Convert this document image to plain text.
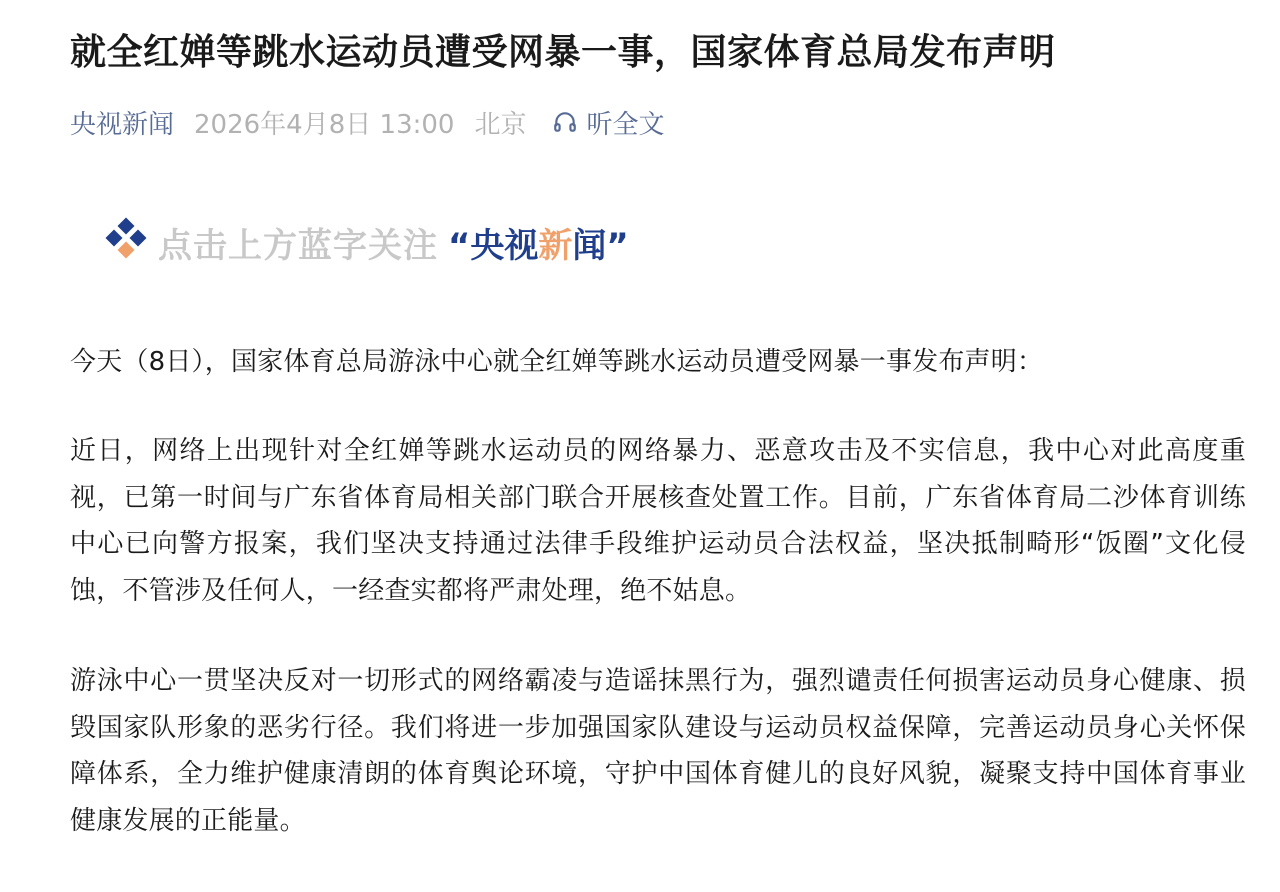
就全红婵等跳水运动员遭受网暴一事，国家体育总局发布声明
央视新闻 2026年4月8日 13:00 北京 听全文
点击上方蓝字关注 “央视新闻”

今天（8日），国家体育总局游泳中心就全红婵等跳水运动员遭受网暴一事发布声明：

近日，网络上出现针对全红婵等跳水运动员的网络暴力、恶意攻击及不实信息，我中心对此高度重视，已第一时间与广东省体育局相关部门联合开展核查处置工作。目前，广东省体育局二沙体育训练中心已向警方报案，我们坚决支持通过法律手段维护运动员合法权益，坚决抵制畸形“饭圈”文化侵蚀，不管涉及任何人，一经查实都将严肃处理，绝不姑息。

游泳中心一贯坚决反对一切形式的网络霸凌与造谣抹黑行为，强烈谴责任何损害运动员身心健康、损毁国家队形象的恶劣行径。我们将进一步加强国家队建设与运动员权益保障，完善运动员身心关怀保障体系，全力维护健康清朗的体育舆论环境，守护中国体育健儿的良好风貌，凝聚支持中国体育事业健康发展的正能量。
